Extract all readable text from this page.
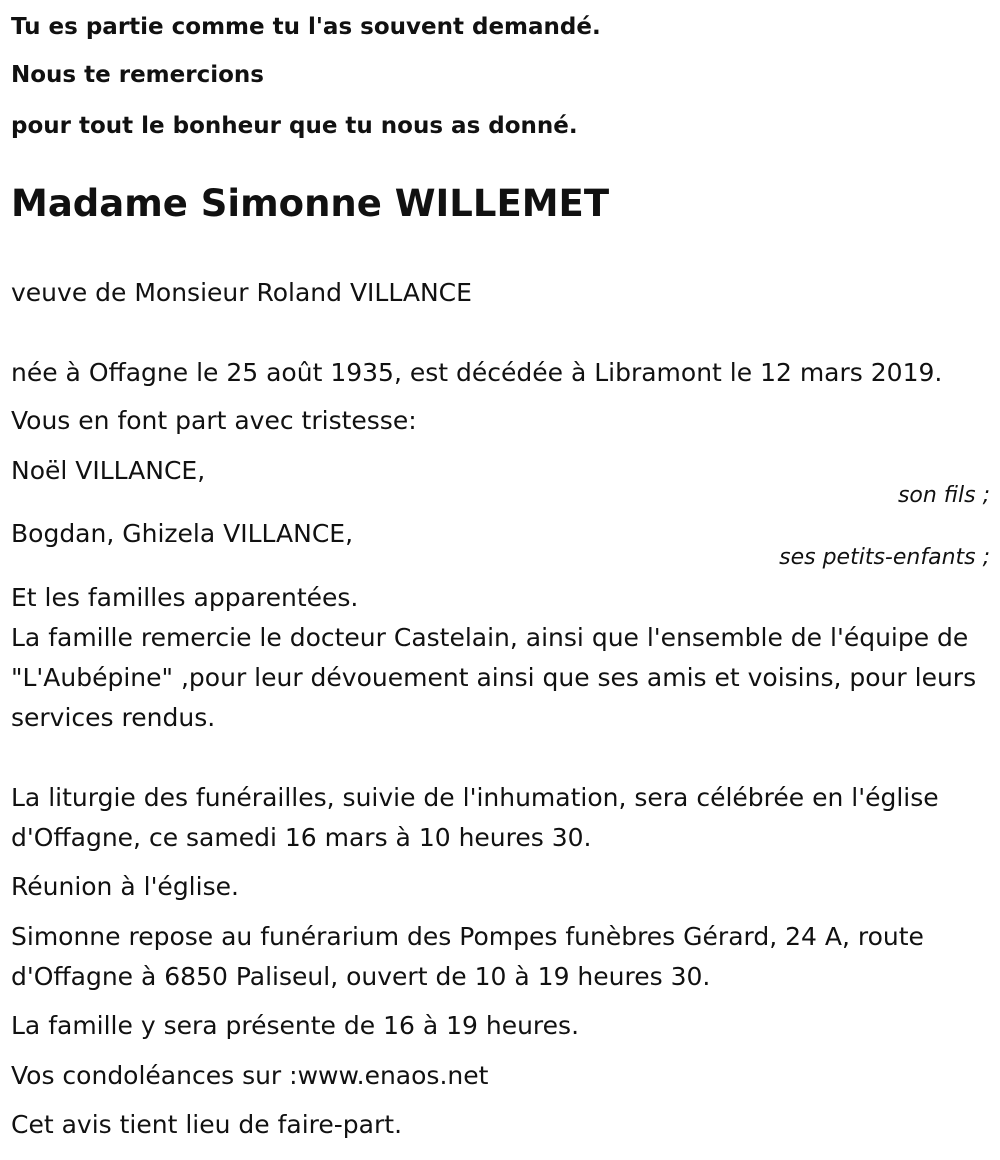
Tu es partie comme tu l'as souvent demandé.
Nous te remercions
pour tout le bonheur que tu nous as donné.
Madame Simonne WILLEMET
veuve de Monsieur Roland VILLANCE
née à Offagne le 25 août 1935, est décédée à Libramont le 12 mars 2019.
Vous en font part avec tristesse:
Noël VILLANCE,
son fils ;
Bogdan, Ghizela VILLANCE,
ses petits-enfants ;
Et les familles apparentées.
La famille remercie le docteur Castelain, ainsi que l'ensemble de l'équipe de "L'Aubépine" ,pour leur dévouement ainsi que ses amis et voisins, pour leurs services rendus.
La liturgie des funérailles, suivie de l'inhumation, sera célébrée en l'église d'Offagne, ce samedi 16 mars à 10 heures 30.
Réunion à l'église.
Simonne repose au funérarium des Pompes funèbres Gérard, 24 A, route d'Offagne à 6850 Paliseul, ouvert de 10 à 19 heures 30.
La famille y sera présente de 16 à 19 heures.
Vos condoléances sur :www.enaos.net
Cet avis tient lieu de faire-part.
